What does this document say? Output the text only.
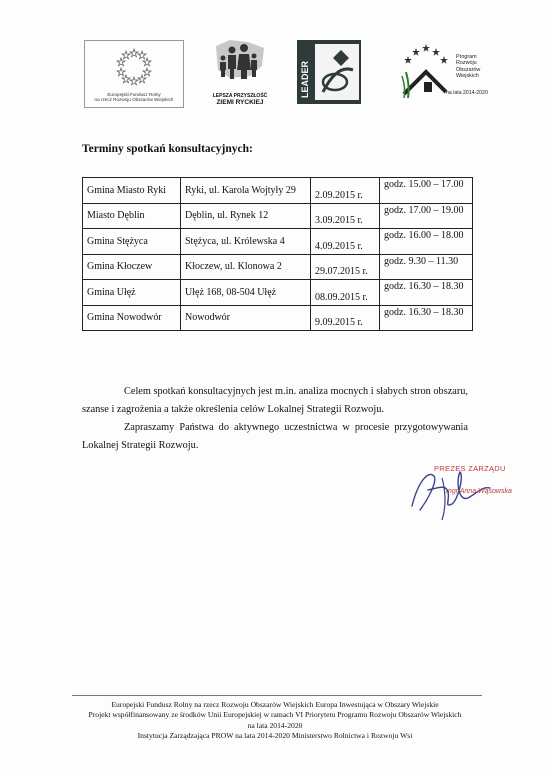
Europejski Fundusz Rolny
na rzecz Rozwoju Obszarów Wiejskich
LEPSZA PRZYSZŁOŚĆ
ZIEMI RYCKIEJ
LEADER
Program
Rozwoju
Obszarów
Wiejskich
na lata 2014-2020
Terminy spotkań konsultacyjnych:
Gmina Miasto Ryki	Ryki, ul. Karola Wojtyły 29	2.09.2015 r.	godz. 15.00 – 17.00
Miasto Dęblin	Dęblin, ul. Rynek 12	3.09.2015 r.	godz. 17.00 – 19.00
Gmina Stężyca	Stężyca, ul. Królewska 4	4.09.2015 r.	godz. 16.00 – 18.00
Gmina Kłoczew	Kłoczew, ul. Klonowa 2	29.07.2015 r.	godz. 9.30 – 11.30
Gmina Ułęż	Ułęż 168, 08-504 Ułęż	08.09.2015 r.	godz. 16.30 – 18.30
Gmina Nowodwór	Nowodwór	9.09.2015 r.	godz. 16.30 – 18.30
Celem spotkań konsultacyjnych jest m.in. analiza mocnych i słabych stron obszaru, szanse i zagrożenia a także określenia celów Lokalnej Strategii Rozwoju.
Zapraszamy Państwa do aktywnego uczestnictwa w procesie przygotowywania Lokalnej Strategii Rozwoju.
PREZES ZARZĄDU
mgr Anna Wąsowska
Europejski Fundusz Rolny na rzecz Rozwoju Obszarów Wiejskich Europa Inwestująca w Obszary Wiejskie
Projekt współfinansowany ze środków Unii Europejskiej w ramach VI Priorytetu Programu Rozwoju Obszarów Wiejskich
na lata 2014-2020
Instytucja Zarządzająca PROW na lata 2014-2020 Ministerstwo Rolnictwa i Rozwoju Wsi
